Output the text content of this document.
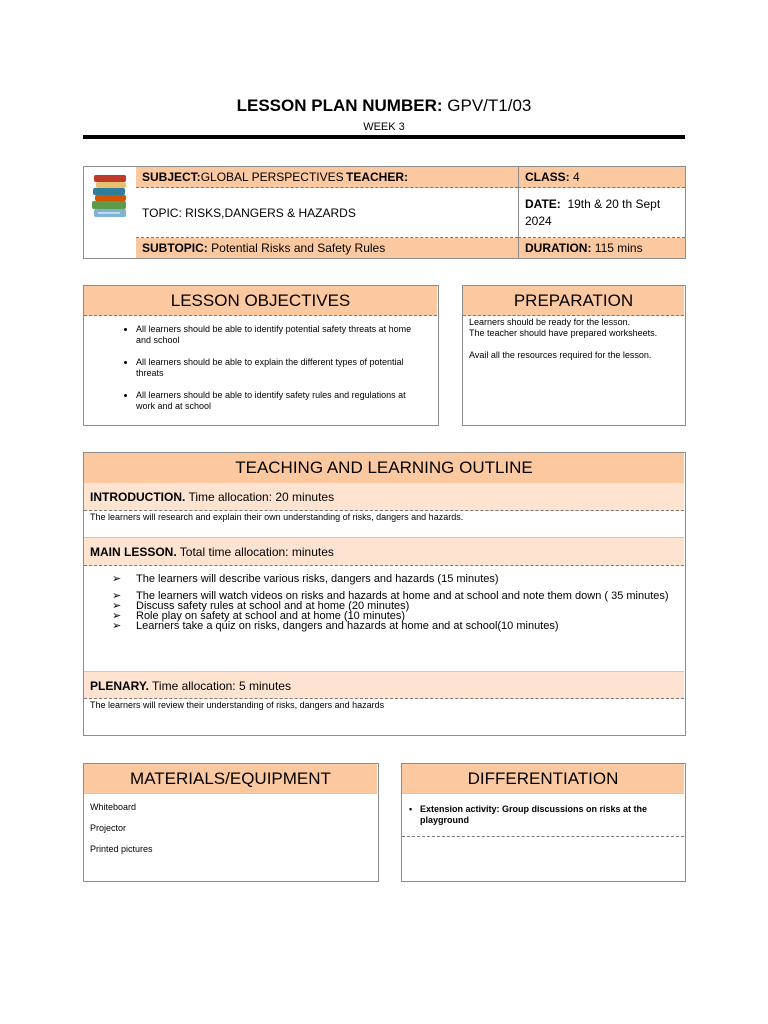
LESSON PLAN NUMBER: GPV/T1/03
WEEK 3
SUBJECT:GLOBAL PERSPECTIVES TEACHER:	CLASS: 4
TOPIC: RISKS,DANGERS & HAZARDS
DATE: 19th & 20 th Sept
2024
SUBTOPIC: Potential Risks and Safety Rules	DURATION: 115 mins
LESSON OBJECTIVES
• All learners should be able to identify potential safety threats at home and school
• All learners should be able to explain the different types of potential threats
• All learners should be able to identify safety rules and regulations at work and at school
PREPARATION
Learners should be ready for the lesson.
The teacher should have prepared worksheets.
Avail all the resources required for the lesson.
TEACHING AND LEARNING OUTLINE
INTRODUCTION. Time allocation: 20 minutes
The learners will research and explain their own understanding of risks, dangers and hazards.
MAIN LESSON. Total time allocation: minutes
➢ The learners will describe various risks, dangers and hazards (15 minutes)
➢ The learners will watch videos on risks and hazards at home and at school and note them down ( 35 minutes)
➢ Discuss safety rules at school and at home (20 minutes)
➢ Role play on safety at school and at home (10 minutes)
➢ Learners take a quiz on risks, dangers and hazards at home and at school(10 minutes)
PLENARY. Time allocation: 5 minutes
The learners will review their understanding of risks, dangers and hazards
MATERIALS/EQUIPMENT
Whiteboard
Projector
Printed pictures
DIFFERENTIATION
• Extension activity: Group discussions on risks at the playground
